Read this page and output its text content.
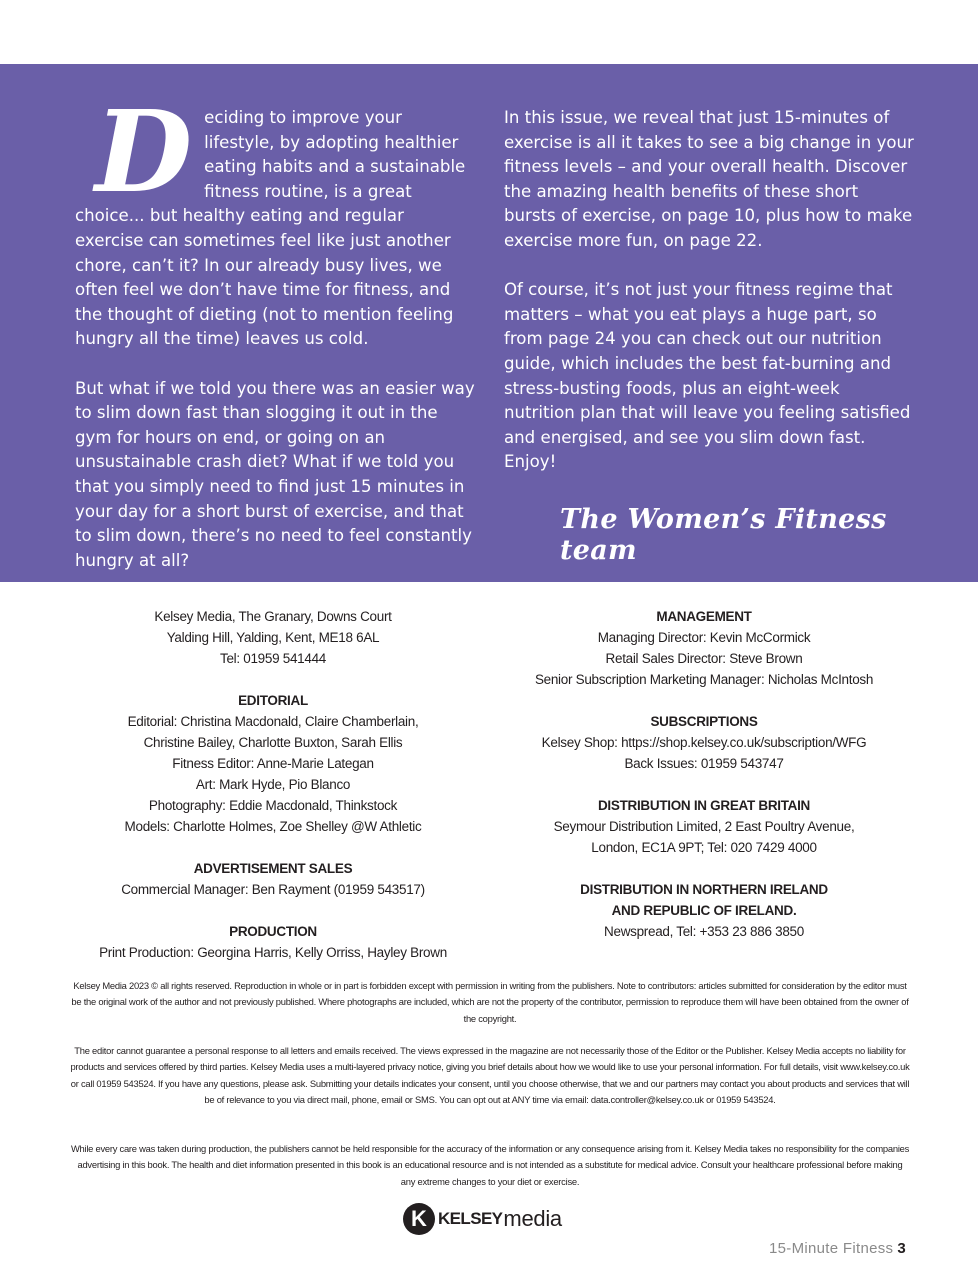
Deciding to improve your lifestyle, by adopting healthier eating habits and a sustainable fitness routine, is a great choice... but healthy eating and regular exercise can sometimes feel like just another chore, can’t it? In our already busy lives, we often feel we don’t have time for fitness, and the thought of dieting (not to mention feeling hungry all the time) leaves us cold.

But what if we told you there was an easier way to slim down fast than slogging it out in the gym for hours on end, or going on an unsustainable crash diet? What if we told you that you simply need to find just 15 minutes in your day for a short burst of exercise, and that to slim down, there’s no need to feel constantly hungry at all?

In this issue, we reveal that just 15-minutes of exercise is all it takes to see a big change in your fitness levels – and your overall health. Discover the amazing health benefits of these short bursts of exercise, on page 10, plus how to make exercise more fun, on page 22.

Of course, it’s not just your fitness regime that matters – what you eat plays a huge part, so from page 24 you can check out our nutrition guide, which includes the best fat-burning and stress-busting foods, plus an eight-week nutrition plan that will leave you feeling satisfied and energised, and see you slim down fast. Enjoy!

The Women’s Fitness team
Kelsey Media, The Granary, Downs Court
Yalding Hill, Yalding, Kent, ME18 6AL
Tel: 01959 541444
EDITORIAL
Editorial: Christina Macdonald, Claire Chamberlain,
Christine Bailey, Charlotte Buxton, Sarah Ellis
Fitness Editor: Anne-Marie Lategan
Art: Mark Hyde, Pio Blanco
Photography: Eddie Macdonald, Thinkstock
Models: Charlotte Holmes, Zoe Shelley @W Athletic
ADVERTISEMENT SALES
Commercial Manager: Ben Rayment (01959 543517)
PRODUCTION
Print Production: Georgina Harris, Kelly Orriss, Hayley Brown
MANAGEMENT
Managing Director: Kevin McCormick
Retail Sales Director: Steve Brown
Senior Subscription Marketing Manager: Nicholas McIntosh
SUBSCRIPTIONS
Kelsey Shop: https://shop.kelsey.co.uk/subscription/WFG
Back Issues: 01959 543747
DISTRIBUTION IN GREAT BRITAIN
Seymour Distribution Limited, 2 East Poultry Avenue,
London, EC1A 9PT; Tel: 020 7429 4000
DISTRIBUTION IN NORTHERN IRELAND
AND REPUBLIC OF IRELAND.
Newspread, Tel: +353 23 886 3850
Kelsey Media 2023 © all rights reserved. Reproduction in whole or in part is forbidden except with permission in writing from the publishers. Note to contributors: articles submitted for consideration by the editor must be the original work of the author and not previously published. Where photographs are included, which are not the property of the contributor, permission to reproduce them will have been obtained from the owner of the copyright.
The editor cannot guarantee a personal response to all letters and emails received. The views expressed in the magazine are not necessarily those of the Editor or the Publisher. Kelsey Media accepts no liability for products and services offered by third parties. Kelsey Media uses a multi-layered privacy notice, giving you brief details about how we would like to use your personal information. For full details, visit www.kelsey.co.uk or call 01959 543524. If you have any questions, please ask. Submitting your details indicates your consent, until you choose otherwise, that we and our partners may contact you about products and services that will be of relevance to you via direct mail, phone, email or SMS. You can opt out at ANY time via email: data.controller@kelsey.co.uk or 01959 543524.
While every care was taken during production, the publishers cannot be held responsible for the accuracy of the information or any consequence arising from it. Kelsey Media takes no responsibility for the companies advertising in this book. The health and diet information presented in this book is an educational resource and is not intended as a substitute for medical advice. Consult your healthcare professional before making any extreme changes to your diet or exercise.
K KELSEY media
15-Minute Fitness 3
